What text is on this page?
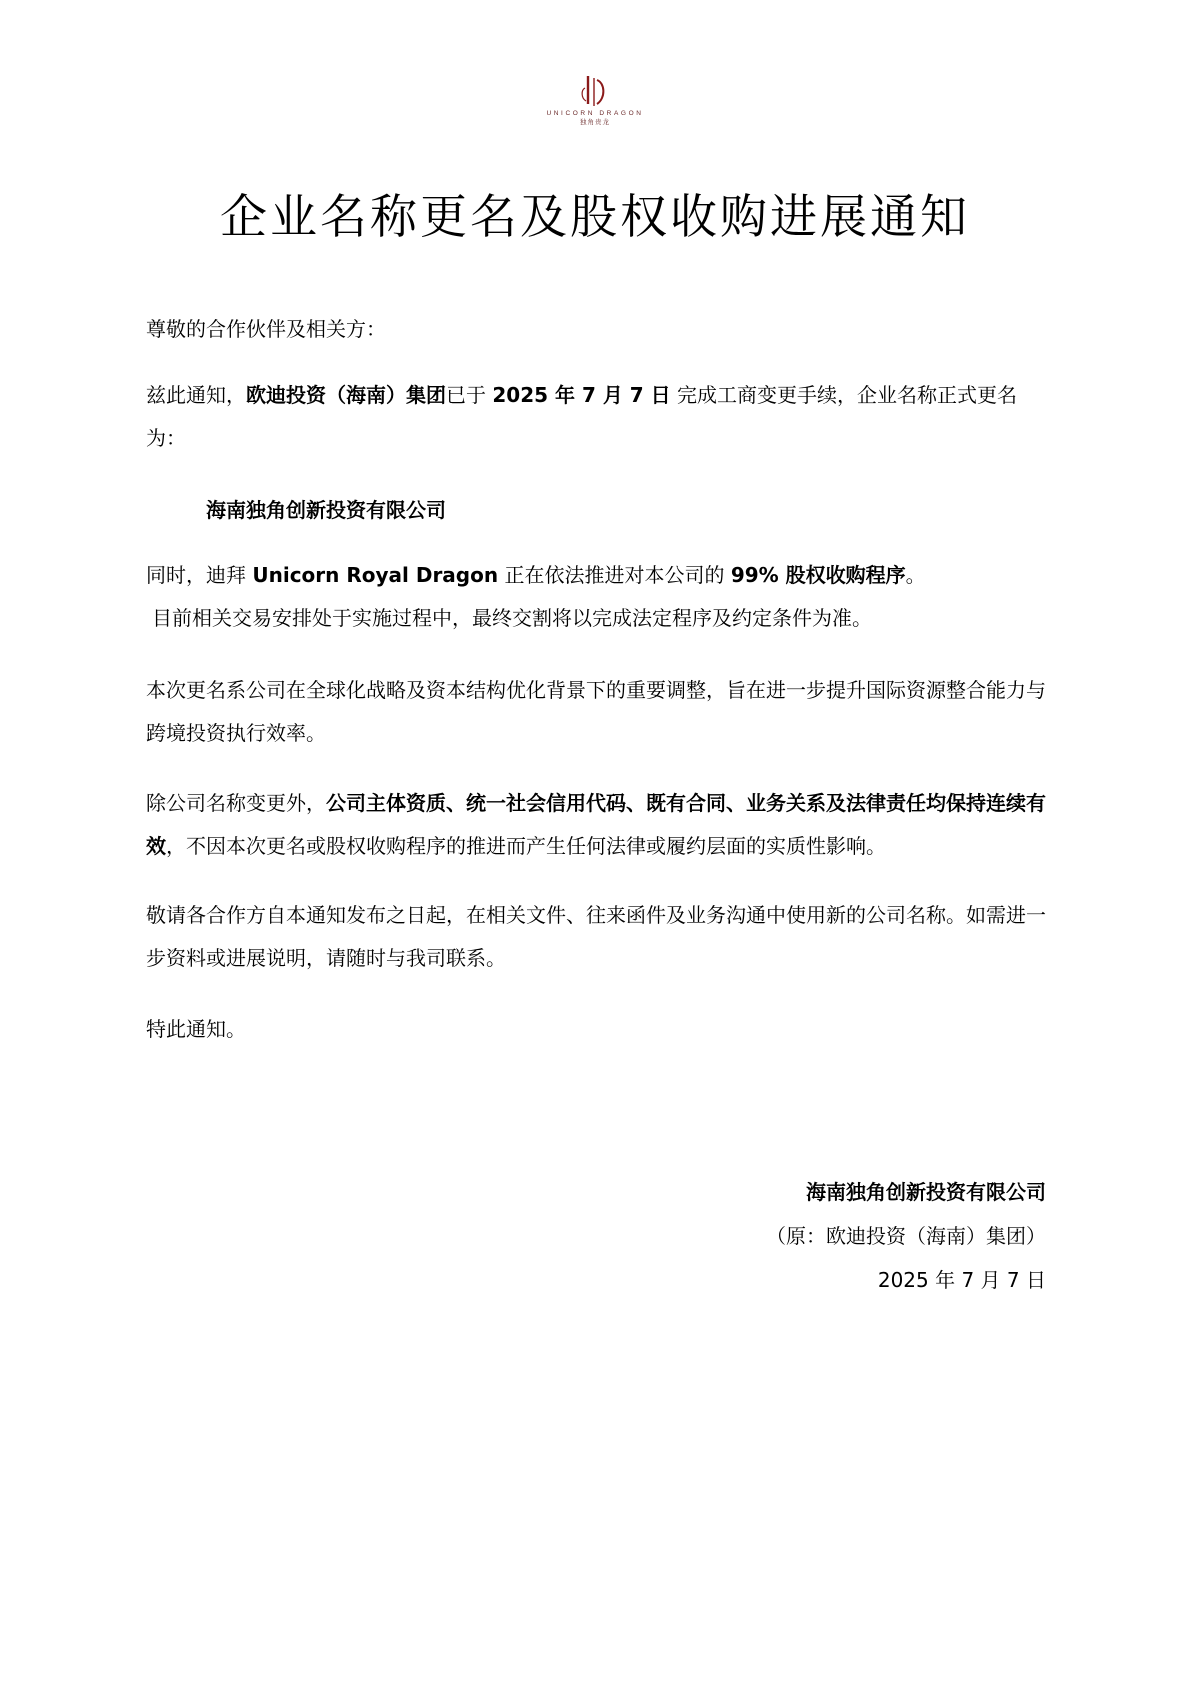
UNICORN DRAGON
独角贵龙
企业名称更名及股权收购进展通知

尊敬的合作伙伴及相关方：

兹此通知，欧迪投资（海南）集团已于 2025 年 7 月 7 日 完成工商变更手续，企业名称正式更名为：

海南独角创新投资有限公司

同时，迪拜 Unicorn Royal Dragon 正在依法推进对本公司的 99% 股权收购程序。
目前相关交易安排处于实施过程中，最终交割将以完成法定程序及约定条件为准。

本次更名系公司在全球化战略及资本结构优化背景下的重要调整，旨在进一步提升国际资源整合能力与跨境投资执行效率。

除公司名称变更外，公司主体资质、统一社会信用代码、既有合同、业务关系及法律责任均保持连续有效，不因本次更名或股权收购程序的推进而产生任何法律或履约层面的实质性影响。

敬请各合作方自本通知发布之日起，在相关文件、往来函件及业务沟通中使用新的公司名称。如需进一步资料或进展说明，请随时与我司联系。

特此通知。

海南独角创新投资有限公司
（原：欧迪投资（海南）集团）
2025 年 7 月 7 日
